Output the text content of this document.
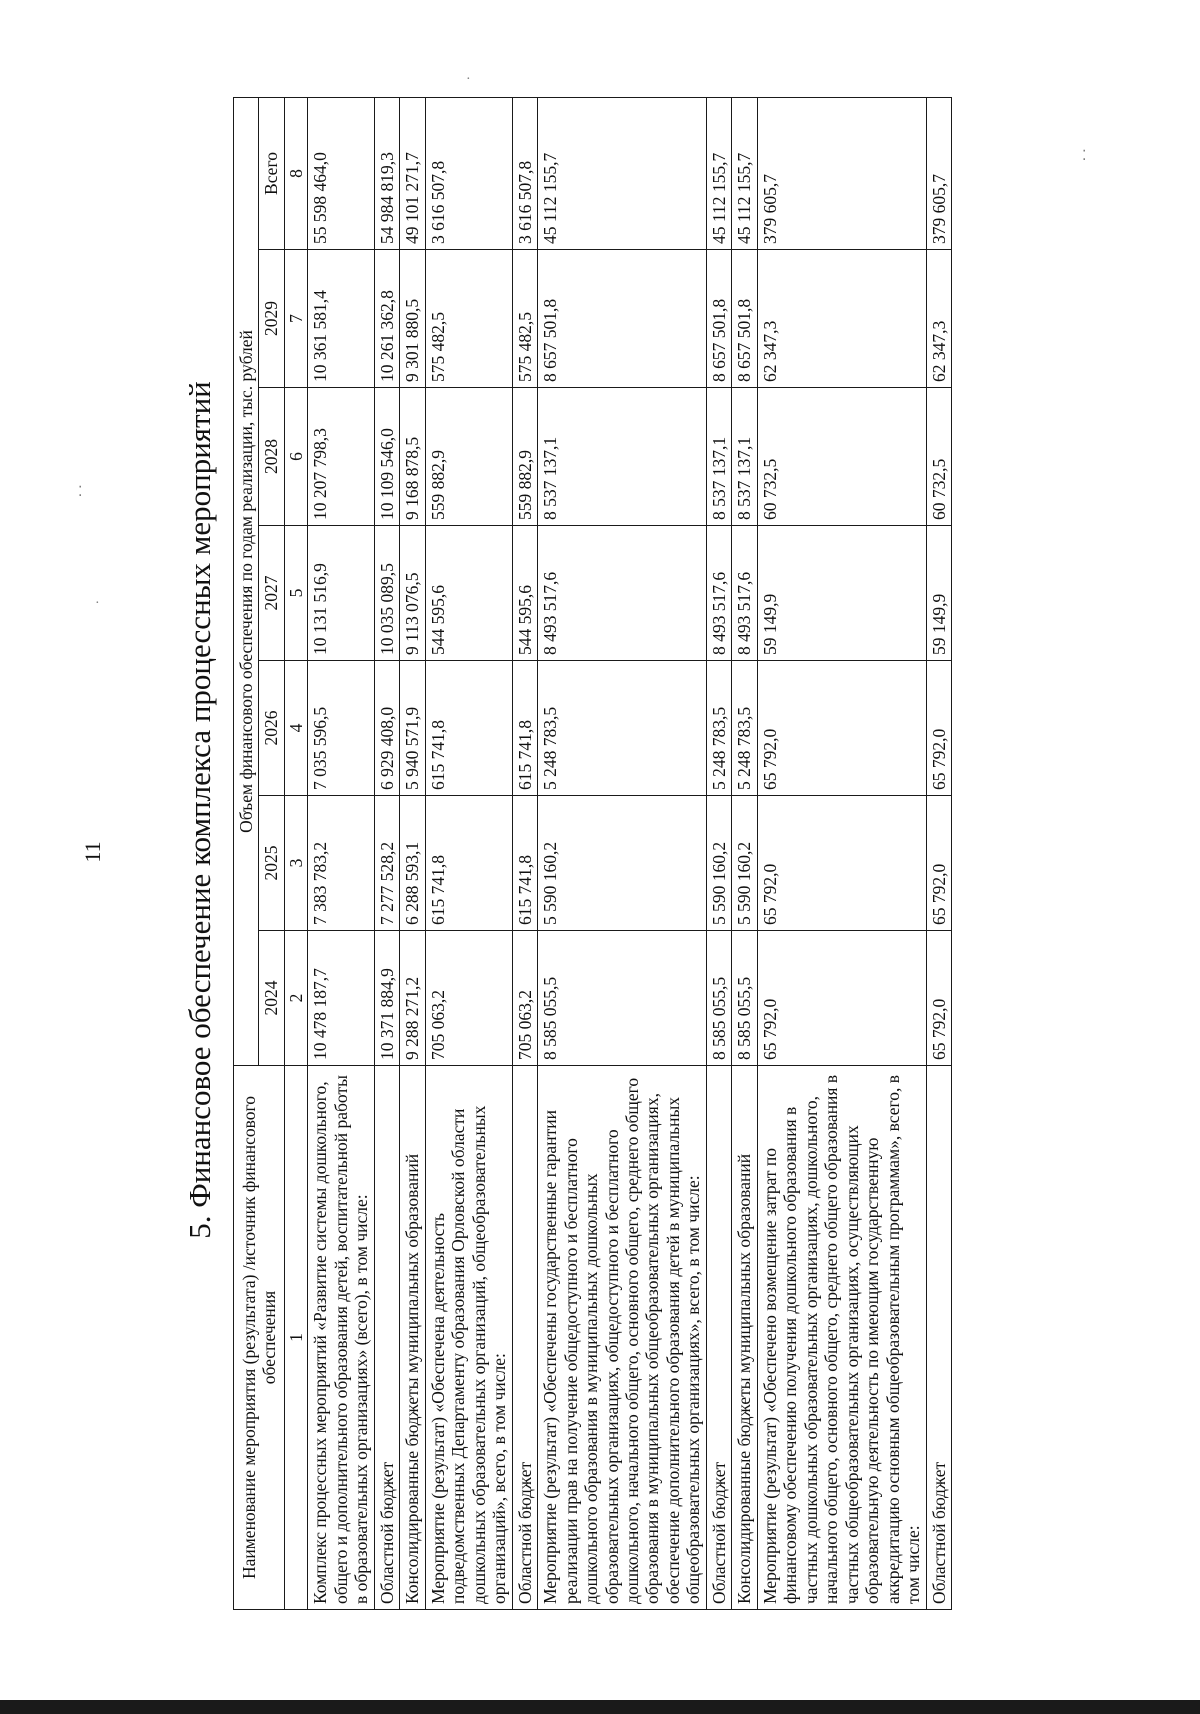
11 5. Финансовое обеспечение комплекса процессных мероприятий
Наименование мероприятия (результата) /источник финансового обеспечения	Объем финансового обеспечения по годам реализации, тыс. рублей						
	2024	2025	2026	2027	2028	2029	Всего
1	2	3	4	5	6	7	8
Комплекс процессных мероприятий «Развитие системы дошкольного, общего и дополнительного образования детей, воспитательной работы в образовательных организациях» (всего), в том числе:	10 478 187,7	7 383 783,2	7 035 596,5	10 131 516,9	10 207 798,3	10 361 581,4	55 598 464,0
Областной бюджет	10 371 884,9	7 277 528,2	6 929 408,0	10 035 089,5	10 109 546,0	10 261 362,8	54 984 819,3
Консолидированные бюджеты муниципальных образований	9 288 271,2	6 288 593,1	5 940 571,9	9 113 076,5	9 168 878,5	9 301 880,5	49 101 271,7
Мероприятие (результат) «Обеспечена деятельность подведомственных Департаменту образования Орловской области дошкольных образовательных организаций, общеобразовательных организаций», всего, в том числе:	705 063,2	615 741,8	615 741,8	544 595,6	559 882,9	575 482,5	3 616 507,8
Областной бюджет	705 063,2	615 741,8	615 741,8	544 595,6	559 882,9	575 482,5	3 616 507,8
Мероприятие (результат) «Обеспечены государственные гарантии реализации прав на получение общедоступного и бесплатного дошкольного образования в муниципальных дошкольных образовательных организациях, общедоступного и бесплатного дошкольного, начального общего, основного общего, среднего общего образования в муниципальных общеобразовательных организациях, обеспечение дополнительного образования детей в муниципальных общеобразовательных организациях», всего, в том числе:	8 585 055,5	5 590 160,2	5 248 783,5	8 493 517,6	8 537 137,1	8 657 501,8	45 112 155,7
Областной бюджет	8 585 055,5	5 590 160,2	5 248 783,5	8 493 517,6	8 537 137,1	8 657 501,8	45 112 155,7
Консолидированные бюджеты муниципальных образований	8 585 055,5	5 590 160,2	5 248 783,5	8 493 517,6	8 537 137,1	8 657 501,8	45 112 155,7
Мероприятие (результат) «Обеспечено возмещение затрат по финансовому обеспечению получения дошкольного образования в частных дошкольных образовательных организациях, дошкольного, начального общего, основного общего, среднего общего образования в частных общеобразовательных организациях, осуществляющих образовательную деятельность по имеющим государственную аккредитацию основным общеобразовательным программам», всего, в том числе:	65 792,0	65 792,0	65 792,0	59 149,9	60 732,5	62 347,3	379 605,7
Областной бюджет	65 792,0	65 792,0	65 792,0	59 149,9	60 732,5	62 347,3	379 605,7
⁚
⁚
·
·
